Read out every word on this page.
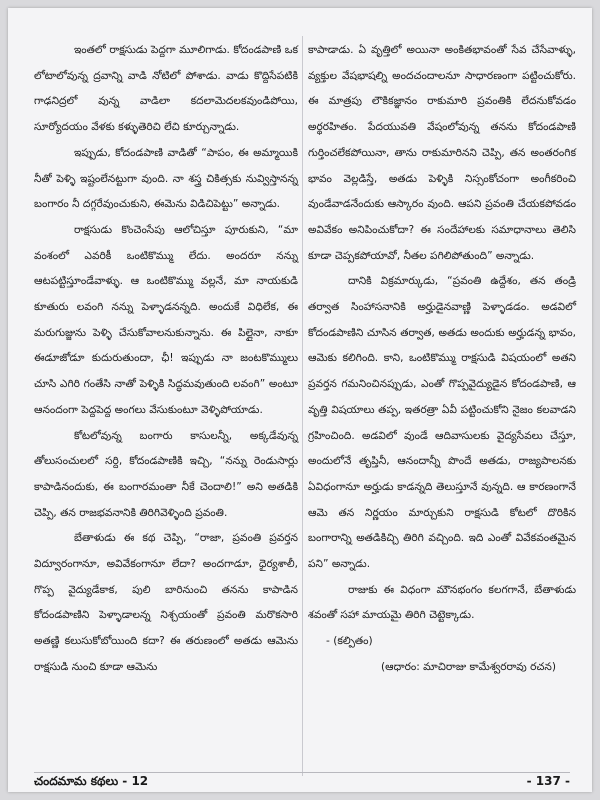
ఇంతలో రాక్షసుడు పెద్దగా మూలిగాడు. కోదండపాణి ఒక లోటాలోవున్న ద్రవాన్ని వాడి నోటిలో పోశాడు. వాడు కొద్దిసేపటికి గాఢనిద్రలో వున్న వాడిలా కదలామెదలకవుండిపోయి, సూర్యోదయం వేళకు కళ్ళుతెరిచి లేచి కూర్చున్నాడు.

ఇప్పుడు, కోదండపాణి వాడితో “పాపం, ఈ అమ్మాయికి నీతో పెళ్ళి ఇష్టంలేనట్టుగా వుంది. నా శస్త్ర చికిత్సకు నువ్విస్తానన్న బంగారం నీ దగ్గరేవుంచుకుని, ఈమెను విడిచిపెట్టు” అన్నాడు.

రాక్షసుడు కొంచెంసేపు ఆలోచిస్తూ పూరుకుని, “మా వంశంలో ఎవరికీ ఒంటికొమ్ము లేదు. అందరూ నన్ను ఆటపట్టిస్తూండేవాళ్ళు. ఆ ఒంటికొమ్ము వల్లనే, మా నాయకుడి కూతురు లవంగి నన్ను పెళ్ళాడనన్నది. అందుకే విధిలేక, ఈ మరుగుజ్జును పెళ్ళి చేసుకోవాలనుకున్నాను. ఈ పిల్లైనా, నాకూ ఈడూజోడూ కుదురుతుందా, ఛీ! ఇప్పుడు నా జంటకొమ్ములు చూసి ఎగిరి గంతేసి నాతో పెళ్ళికి సిద్ధమవుతుంది లవంగి” అంటూ ఆనందంగా పెద్దపెద్ద అంగలు వేసుకుంటూ వెళ్ళిపోయాడు.

కోటలోవున్న బంగారు కాసులన్నీ, అక్కడేవున్న తోలుసంచులలో సర్ది, కోదండపాణికి ఇచ్చి, “నన్ను రెండుసార్లు కాపాడినందుకు, ఈ బంగారమంతా నీకే చెందాలి!” అని అతడికి చెప్పి, తన రాజభవనానికి తిరిగివెళ్ళింది ప్రవంతి.

బేతాళుడు ఈ కథ చెప్పి, “రాజా, ప్రవంతి ప్రవర్తన విద్వూరంగానూ, అవివేకంగానూ లేదా? అందగాడూ, ధైర్యశాలీ, గొప్ప వైద్యుడేకాక, పులి బారినుంచి తనను కాపాడిన కోదండపాణిని పెళ్ళాడాలన్న నిశ్చయంతో ప్రవంతి మరొకసారి అతణ్ణి కలుసుకోబోయింది కదా? ఈ తరుణంలో అతడు ఆమెను రాక్షసుడి నుంచి కూడా ఆమెను

కాపాడాడు. ఏ వృత్తిలో అయినా అంకితభావంతో సేవ చేసేవాళ్ళు, వ్యక్తుల వేషభాషల్ని అందచందాలనూ సాధారణంగా పట్టించుకోరు. ఈ మాత్రపు లౌకికజ్ఞానం రాకుమారి ప్రవంతికి లేదనుకోవడం అర్థరహితం. పేదయువతి వేషంలోవున్న తనను కోదండపాణి గుర్తించలేకపోయినా, తాను రాకుమారినని చెప్పి, తన అంతరంగిక భావం వెల్లడిస్తే, అతడు పెళ్ళికి నిస్సంకోచంగా అంగీకరించి వుండేవాడనేందుకు ఆస్కారం వుంది. ఆపని ప్రవంతి చేయకపోవడం అవివేకం అనిపించుకోదా? ఈ సందేహాలకు సమాధానాలు తెలిసి కూడా చెప్పకపోయావో, నీతల పగిలిపోతుంది” అన్నాడు.

దానికి విక్రమార్కుడు, “ప్రవంతి ఉద్దేశం, తన తండ్రి తర్వాత సింహాసనానికి అర్హుడైనవాణ్ణి పెళ్ళాడడం. అడవిలో కోదండపాణిని చూసిన తర్వాత, అతడు అందుకు అర్హుడన్న భావం, ఆమెకు కలిగింది. కాని, ఒంటికొమ్ము రాక్షసుడి విషయంలో అతని ప్రవర్తన గమనించినప్పుడు, ఎంతో గొప్పవైద్యుడైన కోదండపాణి, ఆ వృత్తి విషయాలు తప్ప, ఇతరత్రా ఏవీ పట్టించుకోని నైజం కలవాడని గ్రహించింది. అడవిలో వుండే ఆదివాసులకు వైద్యసేవలు చేస్తూ, అందులోనే తృప్తినీ, ఆనందాన్నీ పొందే అతడు, రాజ్యపాలనకు ఏవిధంగానూ అర్హుడు కాడన్నది తెలుస్తూనే వున్నది. ఆ కారణంగానే ఆమె తన నిర్ణయం మార్చుకుని రాక్షసుడి కోటలో దొరికిన బంగారాన్ని అతడికిచ్చి తిరిగి వచ్చింది. ఇది ఎంతో వివేకవంతమైన పని” అన్నాడు.

రాజుకు ఈ విధంగా మౌనభంగం కలగగానే, బేతాళుడు శవంతో సహా మాయమై తిరిగి చెట్టెక్కాడు.

- (కల్పితం)

(ఆధారం: మాచిరాజు కామేశ్వరరావు రచన)

చందమామ కథలు - 12	- 137 -
